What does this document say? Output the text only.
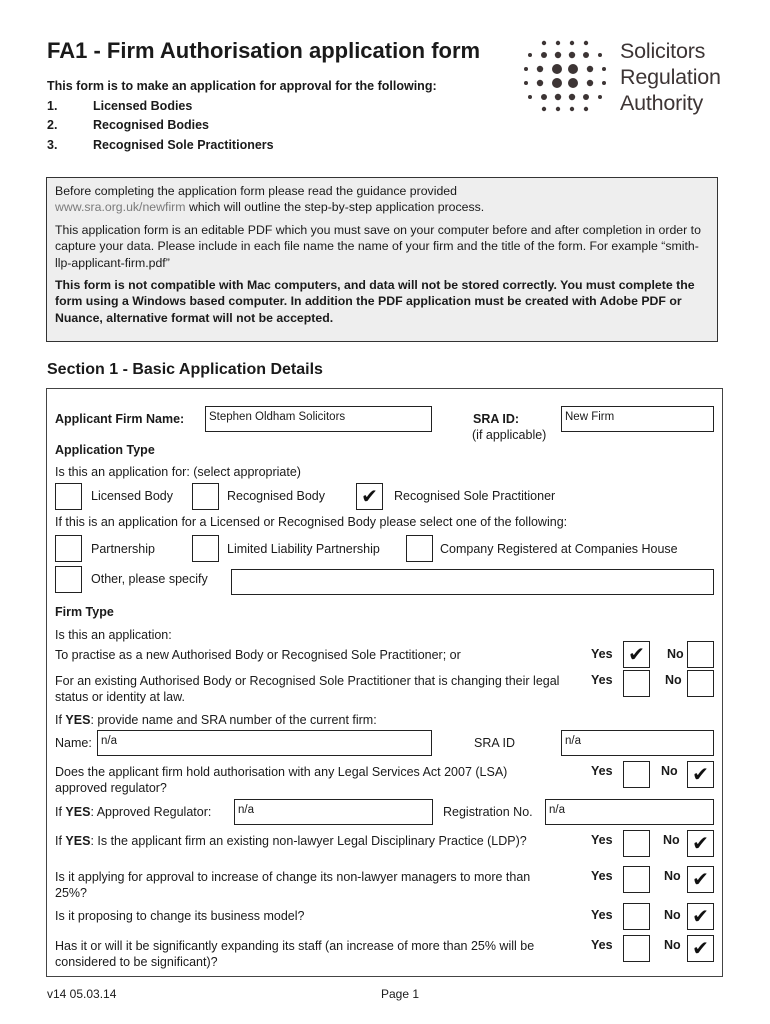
FA1 - Firm Authorisation application form
This form is to make an application for approval for the following:
1.	Licensed Bodies
2.	Recognised Bodies
3.	Recognised Sole Practitioners
Solicitors
Regulation
Authority

Before completing the application form please read the guidance provided
www.sra.org.uk/newfirm which will outline the step-by-step application process.

This application form is an editable PDF which you must save on your computer before and after completion in order to capture your data. Please include in each file name the name of your firm and the title of the form. For example “smith-llp-applicant-firm.pdf”

This form is not compatible with Mac computers, and data will not be stored correctly. You must complete the form using a Windows based computer. In addition the PDF application must be created with Adobe PDF or Nuance, alternative format will not be accepted.

Section 1 - Basic Application Details
Applicant Firm Name:	Stephen Oldham Solicitors	SRA ID:
(if applicable)
New Firm
Application Type
Is this an application for: (select appropriate)
Licensed Body	Recognised Body ✔ Recognised Sole Practitioner
If this is an application for a Licensed or Recognised Body please select one of the following:
Partnership	Limited Liability Partnership	Company Registered at Companies House
Other, please specify
Firm Type
Is this an application:
To practise as a new Authorised Body or Recognised Sole Practitioner; or	Yes ✔ No
For an existing Authorised Body or Recognised Sole Practitioner that is changing their legal status or identity at law.
Yes	No
If YES: provide name and SRA number of the current firm:
Name: n/a	SRA ID	n/a
Does the applicant firm hold authorisation with any Legal Services Act 2007 (LSA) approved regulator?
Yes	No ✔
If YES: Approved Regulator:	n/a	Registration No.	n/a
If YES: Is the applicant firm an existing non-lawyer Legal Disciplinary Practice (LDP)?	Yes	No ✔
Is it applying for approval to increase of change its non-lawyer managers to more than 25%?
Yes	No ✔
Is it proposing to change its business model?	Yes	No ✔
Has it or will it be significantly expanding its staff (an increase of more than 25% will be considered to be significant)?
Yes	No ✔
v14 05.03.14	Page 1
